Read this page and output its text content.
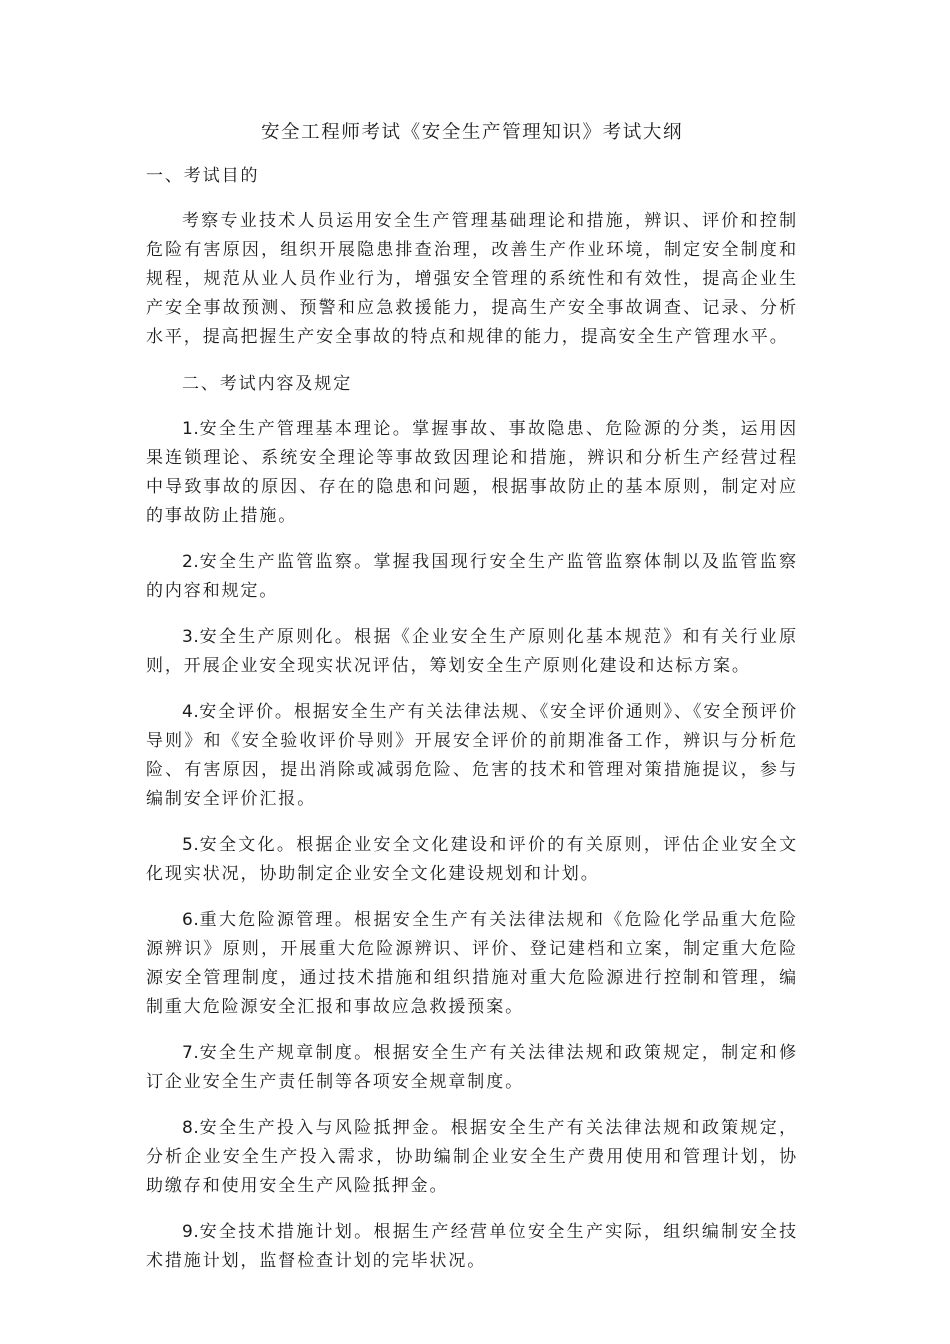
安全工程师考试《安全生产管理知识》考试大纲
一、考试目的

考察专业技术人员运用安全生产管理基础理论和措施，辨识、评价和控制危险有害原因，组织开展隐患排查治理，改善生产作业环境，制定安全制度和规程，规范从业人员作业行为，增强安全管理的系统性和有效性，提高企业生产安全事故预测、预警和应急救援能力，提高生产安全事故调查、记录、分析水平，提高把握生产安全事故的特点和规律的能力，提高安全生产管理水平。

二、考试内容及规定

1.安全生产管理基本理论。掌握事故、事故隐患、危险源的分类，运用因果连锁理论、系统安全理论等事故致因理论和措施，辨识和分析生产经营过程中导致事故的原因、存在的隐患和问题，根据事故防止的基本原则，制定对应的事故防止措施。

2.安全生产监管监察。掌握我国现行安全生产监管监察体制以及监管监察的内容和规定。

3.安全生产原则化。根据《企业安全生产原则化基本规范》和有关行业原则，开展企业安全现实状况评估，筹划安全生产原则化建设和达标方案。

4.安全评价。根据安全生产有关法律法规、《安全评价通则》、《安全预评价导则》和《安全验收评价导则》开展安全评价的前期准备工作，辨识与分析危险、有害原因，提出消除或减弱危险、危害的技术和管理对策措施提议，参与编制安全评价汇报。

5.安全文化。根据企业安全文化建设和评价的有关原则，评估企业安全文化现实状况，协助制定企业安全文化建设规划和计划。

6.重大危险源管理。根据安全生产有关法律法规和《危险化学品重大危险源辨识》原则，开展重大危险源辨识、评价、登记建档和立案，制定重大危险源安全管理制度，通过技术措施和组织措施对重大危险源进行控制和管理，编制重大危险源安全汇报和事故应急救援预案。

7.安全生产规章制度。根据安全生产有关法律法规和政策规定，制定和修订企业安全生产责任制等各项安全规章制度。

8.安全生产投入与风险抵押金。根据安全生产有关法律法规和政策规定，分析企业安全生产投入需求，协助编制企业安全生产费用使用和管理计划，协助缴存和使用安全生产风险抵押金。

9.安全技术措施计划。根据生产经营单位安全生产实际，组织编制安全技术措施计划，监督检查计划的完毕状况。
